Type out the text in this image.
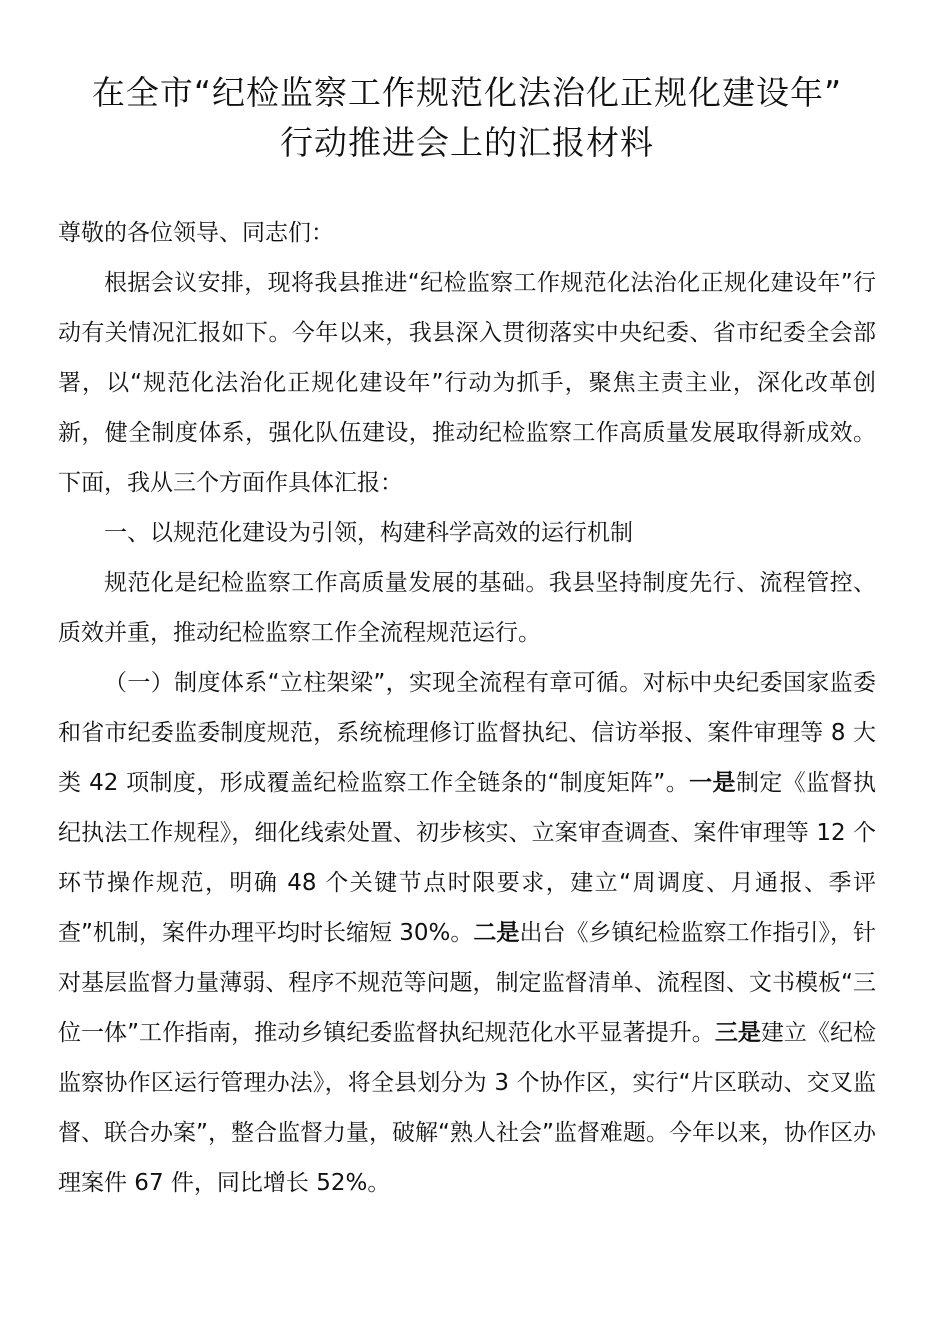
在全市“纪检监察工作规范化法治化正规化建设年”
行动推进会上的汇报材料

尊敬的各位领导、同志们：

根据会议安排，现将我县推进“纪检监察工作规范化法治化正规化建设年”行动有关情况汇报如下。今年以来，我县深入贯彻落实中央纪委、省市纪委全会部署，以“规范化法治化正规化建设年”行动为抓手，聚焦主责主业，深化改革创新，健全制度体系，强化队伍建设，推动纪检监察工作高质量发展取得新成效。下面，我从三个方面作具体汇报：

一、以规范化建设为引领，构建科学高效的运行机制

规范化是纪检监察工作高质量发展的基础。我县坚持制度先行、流程管控、质效并重，推动纪检监察工作全流程规范运行。

（一）制度体系“立柱架梁”，实现全流程有章可循。对标中央纪委国家监委和省市纪委监委制度规范，系统梳理修订监督执纪、信访举报、案件审理等 8 大类 42 项制度，形成覆盖纪检监察工作全链条的“制度矩阵”。一是制定《监督执纪执法工作规程》，细化线索处置、初步核实、立案审查调查、案件审理等 12 个环节操作规范，明确 48 个关键节点时限要求，建立“周调度、月通报、季评查”机制，案件办理平均时长缩短 30%。二是出台《乡镇纪检监察工作指引》，针对基层监督力量薄弱、程序不规范等问题，制定监督清单、流程图、文书模板“三位一体”工作指南，推动乡镇纪委监督执纪规范化水平显著提升。三是建立《纪检监察协作区运行管理办法》，将全县划分为 3 个协作区，实行“片区联动、交叉监督、联合办案”，整合监督力量，破解“熟人社会”监督难题。今年以来，协作区办理案件 67 件，同比增长 52%。
